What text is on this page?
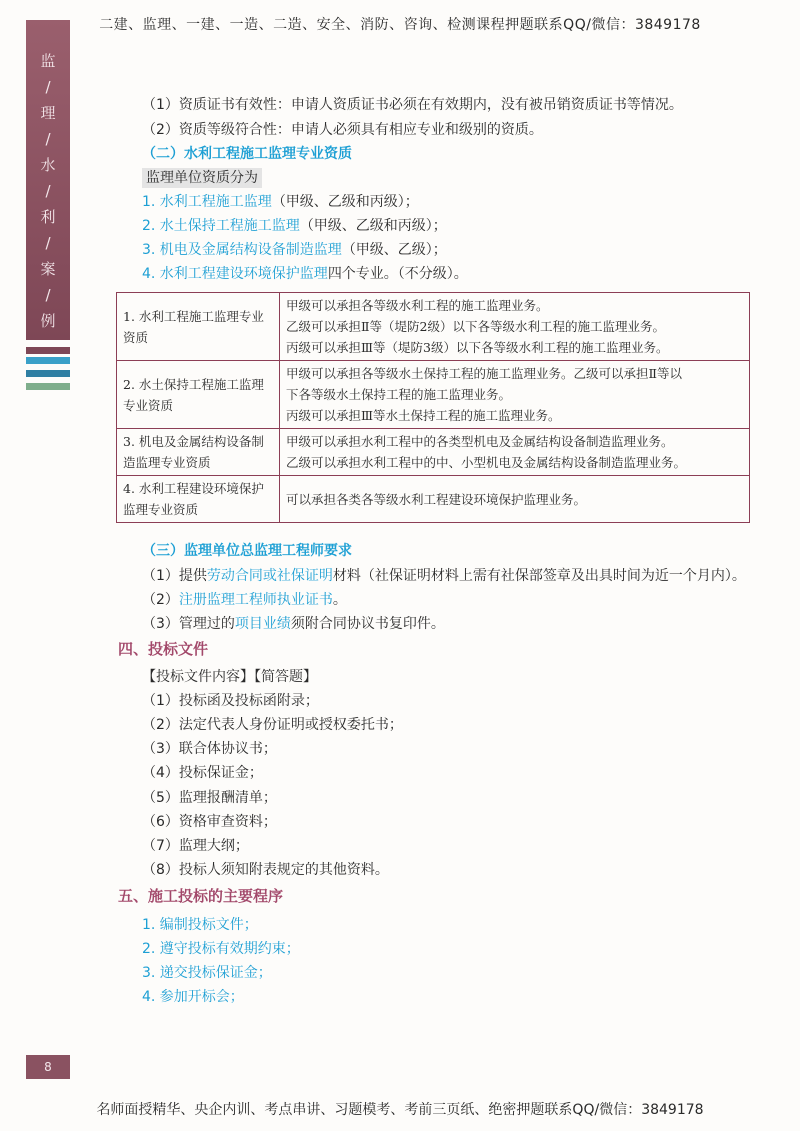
二建、监理、一建、一造、二造、安全、消防、咨询、检测课程押题联系QQ/微信：3849178
监
/
理
/
水
/
利
/
案
/
例
（1）资质证书有效性：申请人资质证书必须在有效期内，没有被吊销资质证书等情况。
（2）资质等级符合性：申请人必须具有相应专业和级别的资质。
（二）水利工程施工监理专业资质
监理单位资质分为
1. 水利工程施工监理（甲级、乙级和丙级）；
2. 水土保持工程施工监理（甲级、乙级和丙级）；
3. 机电及金属结构设备制造监理（甲级、乙级）；
4. 水利工程建设环境保护监理四个专业。（不分级）。
1. 水利工程施工监理专业资质	甲级可以承担各等级水利工程的施工监理业务。
乙级可以承担Ⅱ等（堤防2级）以下各等级水利工程的施工监理业务。
丙级可以承担Ⅲ等（堤防3级）以下各等级水利工程的施工监理业务。

2. 水土保持工程施工监理专业资质	甲级可以承担各等级水土保持工程的施工监理业务。乙级可以承担Ⅱ等以
下各等级水土保持工程的施工监理业务。
丙级可以承担Ⅲ等水土保持工程的施工监理业务。

3. 机电及金属结构设备制造监理专业资质	甲级可以承担水利工程中的各类型机电及金属结构设备制造监理业务。
乙级可以承担水利工程中的中、小型机电及金属结构设备制造监理业务。

4. 水利工程建设环境保护监理专业资质	可以承担各类各等级水利工程建设环境保护监理业务。
（三）监理单位总监理工程师要求
（1）提供劳动合同或社保证明材料（社保证明材料上需有社保部签章及出具时间为近一个月内）。
（2）注册监理工程师执业证书。
（3）管理过的项目业绩须附合同协议书复印件。
四、投标文件
【投标文件内容】【简答题】
（1）投标函及投标函附录；
（2）法定代表人身份证明或授权委托书；
（3）联合体协议书；
（4）投标保证金；
（5）监理报酬清单；
（6）资格审查资料；
（7）监理大纲；
（8）投标人须知附表规定的其他资料。
五、施工投标的主要程序
1. 编制投标文件；
2. 遵守投标有效期约束；
3. 递交投标保证金；
4. 参加开标会；
8
名师面授精华、央企内训、考点串讲、习题模考、考前三页纸、绝密押题联系QQ/微信：3849178
